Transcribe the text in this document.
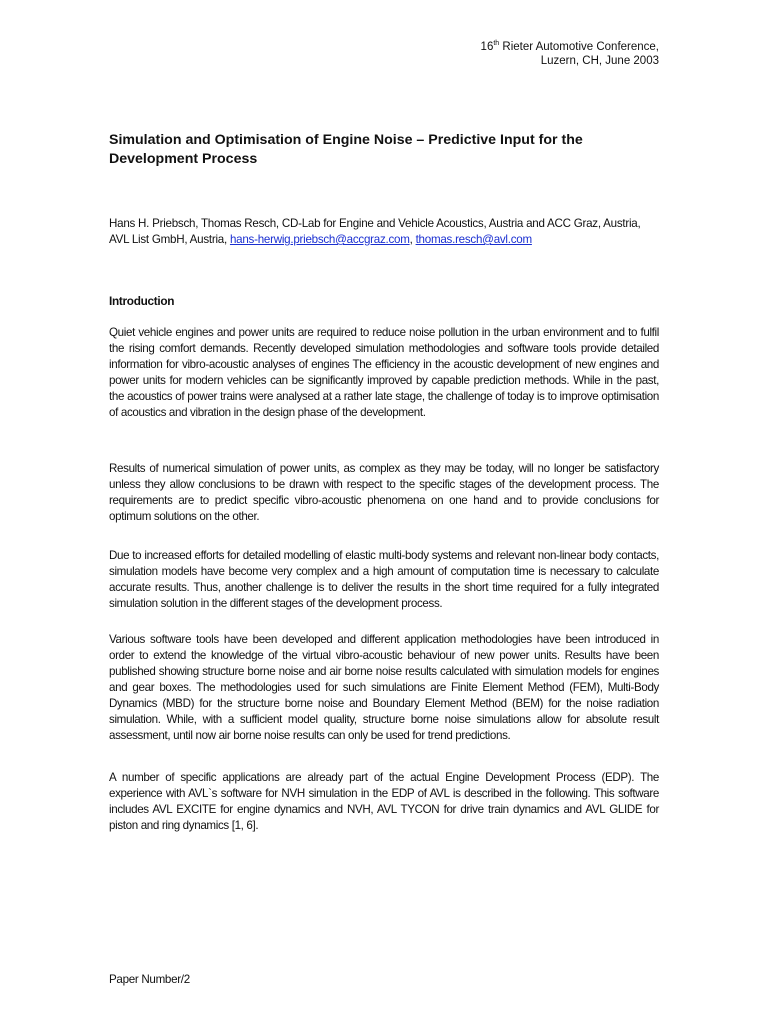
16th Rieter Automotive Conference,
Luzern, CH, June 2003
Simulation and Optimisation of Engine Noise – Predictive Input for the Development Process
Hans H. Priebsch, Thomas Resch, CD-Lab for Engine and Vehicle Acoustics, Austria and ACC Graz, Austria, AVL List GmbH, Austria, hans-herwig.priebsch@accgraz.com, thomas.resch@avl.com
Introduction

Quiet vehicle engines and power units are required to reduce noise pollution in the urban environment and to fulfil the rising comfort demands. Recently developed simulation methodologies and software tools provide detailed information for vibro-acoustic analyses of engines The efficiency in the acoustic development of new engines and power units for modern vehicles can be significantly improved by capable prediction methods. While in the past, the acoustics of power trains were analysed at a rather late stage, the challenge of today is to improve optimisation of acoustics and vibration in the design phase of the development.

Results of numerical simulation of power units, as complex as they may be today, will no longer be satisfactory unless they allow conclusions to be drawn with respect to the specific stages of the development process. The requirements are to predict specific vibro-acoustic phenomena on one hand and to provide conclusions for optimum solutions on the other.

Due to increased efforts for detailed modelling of elastic multi-body systems and relevant non-linear body contacts, simulation models have become very complex and a high amount of computation time is necessary to calculate accurate results. Thus, another challenge is to deliver the results in the short time required for a fully integrated simulation solution in the different stages of the development process.

Various software tools have been developed and different application methodologies have been introduced in order to extend the knowledge of the virtual vibro-acoustic behaviour of new power units. Results have been published showing structure borne noise and air borne noise results calculated with simulation models for engines and gear boxes. The methodologies used for such simulations are Finite Element Method (FEM), Multi-Body Dynamics (MBD) for the structure borne noise and Boundary Element Method (BEM) for the noise radiation simulation. While, with a sufficient model quality, structure borne noise simulations allow for absolute result assessment, until now air borne noise results can only be used for trend predictions.

A number of specific applications are already part of the actual Engine Development Process (EDP). The experience with AVL`s software for NVH simulation in the EDP of AVL is described in the following. This software includes AVL EXCITE for engine dynamics and NVH, AVL TYCON for drive train dynamics and AVL GLIDE for piston and ring dynamics [1, 6].

Paper Number/2
